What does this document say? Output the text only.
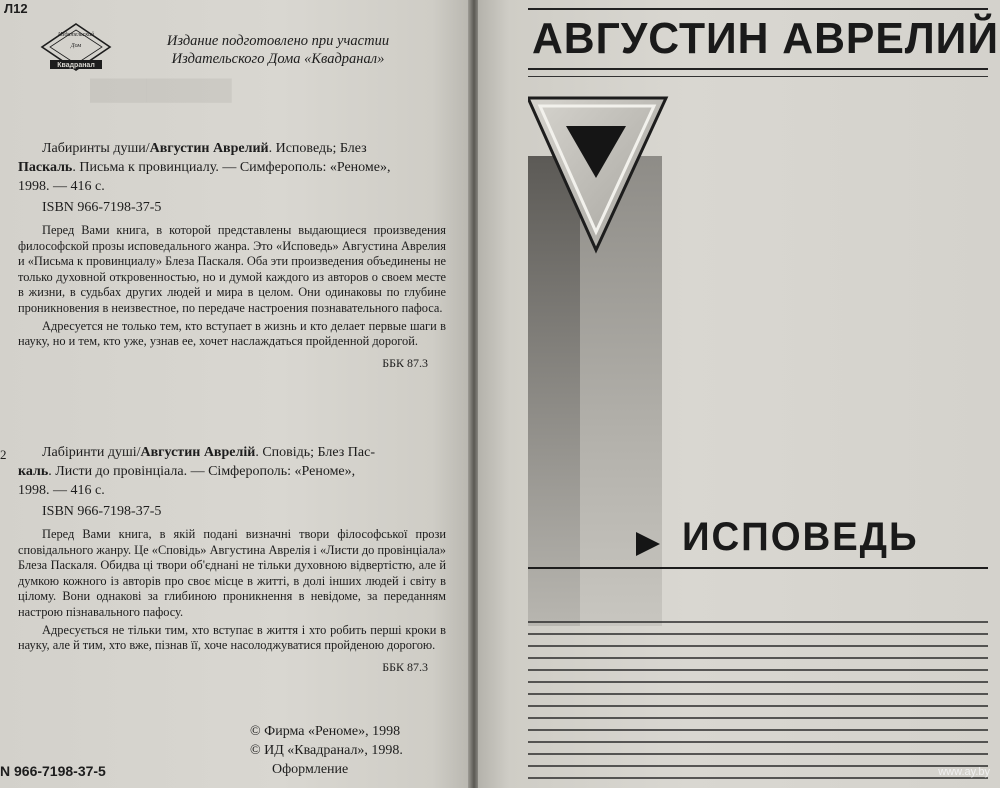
▀▀▀▀▀
Л12
Издательский
Дом
Квадранал
Издание подготовлено при участии
Издательского Дома «Квадранал»

Лабиринты души/Августин Аврелий. Исповедь; Блез

Паскаль. Письма к провинциалу. — Симферополь: «Реноме»,

1998. — 416 с.

ISBN 966-7198-37-5

Перед Вами книга, в которой представлены выдающиеся произведения философской прозы исповедального жанра. Это «Исповедь» Августина Аврелия и «Письма к провинциалу» Блеза Паскаля. Оба эти произведения объединены не только духовной откровенностью, но и думой каждого из авторов о своем месте в жизни, в судьбах других людей и мира в целом. Они одинаковы по глубине проникновения в неизвестное, по передаче настроения познавательного пафоса.

Адресуется не только тем, кто вступает в жизнь и кто делает первые шаги в науку, но и тем, кто уже, узнав ее, хочет наслаждаться пройденной дорогой.

ББК 87.3

2	Лабіринти душі/Августин Аврелій. Сповідь; Блез Пас-

каль. Листи до провінціала. — Сімферополь: «Реноме»,

1998. — 416 с.

ISBN 966-7198-37-5

Перед Вами книга, в якій подані визначні твори філософської прози сповідального жанру. Це «Сповідь» Августина Аврелія і «Листи до провінціала» Блеза Паскаля. Обидва ці твори об'єднані не тільки духовною відвертістю, але й думкою кожного із авторів про своє місце в житті, в долі інших людей і світу в цілому. Вони однакові за глибиною проникнення в невідоме, за переданням настрою пізнавального пафосу.

Адресується не тільки тим, хто вступає в життя і хто робить перші кроки в науку, але й тим, хто вже, пізнав її, хоче насолоджуватися пройденою дорогою.

ББК 87.3

© Фирма «Реноме», 1998
© ИД «Квадранал», 1998.
Оформление
N 966-7198-37-5
АВГУСТИН АВРЕЛИЙ
ИСПОВЕДЬ
www.ay.by
